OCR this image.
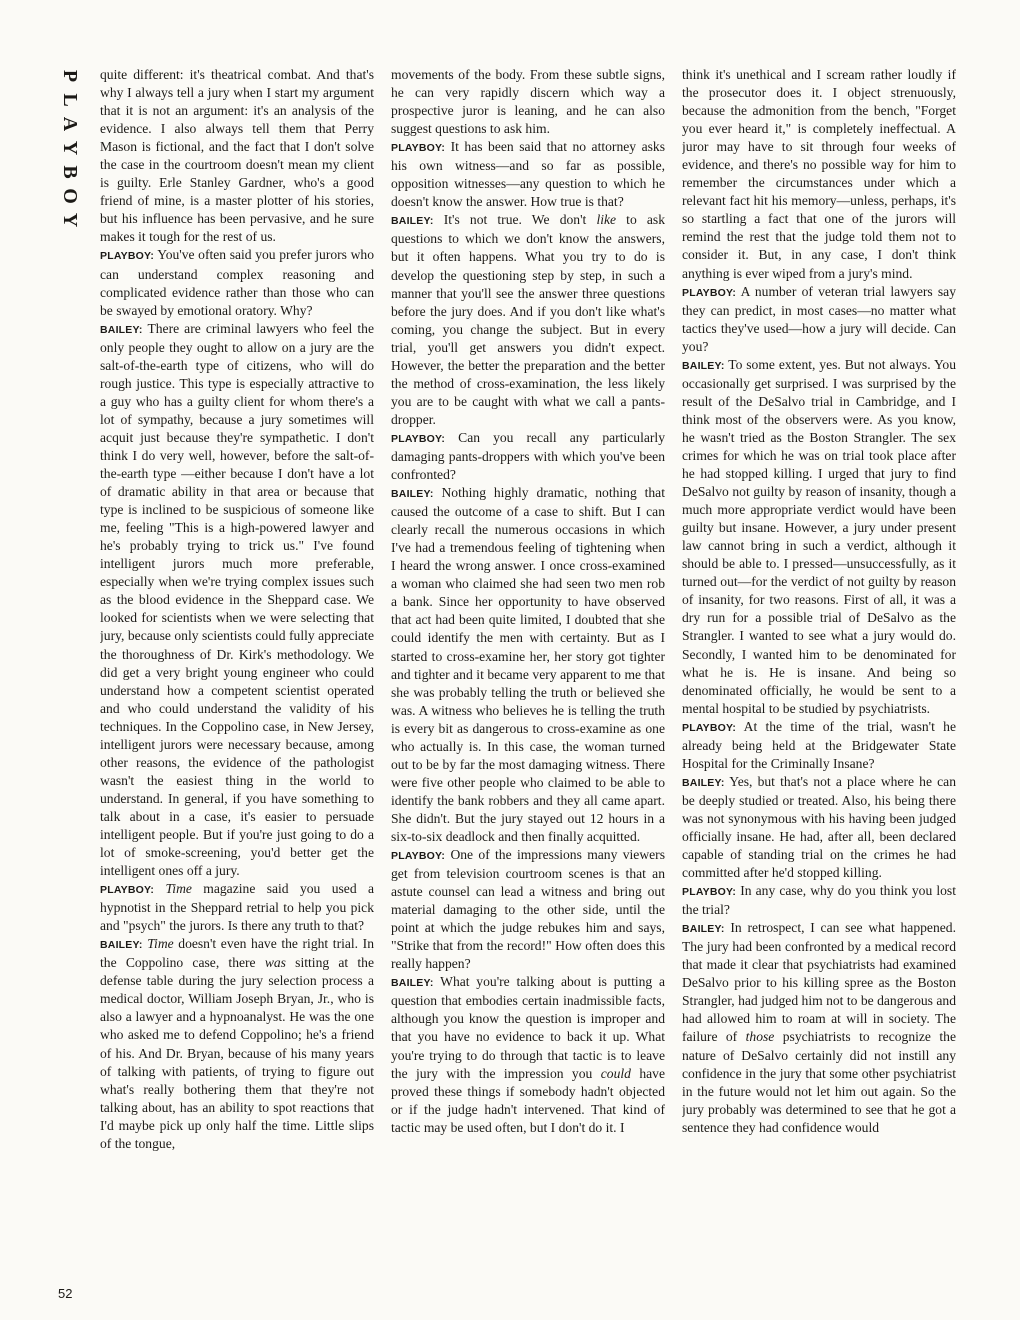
P
L
A
Y
B
O
Y

quite different: it's theatrical combat. And that's why I always tell a jury when I start my argument that it is not an argument: it's an analysis of the evidence. I also always tell them that Perry Mason is fictional, and the fact that I don't solve the case in the courtroom doesn't mean my client is guilty. Erle Stanley Gardner, who's a good friend of mine, is a master plotter of his stories, but his influence has been pervasive, and he sure makes it tough for the rest of us.

PLAYBOY: You've often said you prefer jurors who can understand complex reasoning and complicated evidence rather than those who can be swayed by emotional oratory. Why?

BAILEY: There are criminal lawyers who feel the only people they ought to allow on a jury are the salt-of-the-earth type of citizens, who will do rough justice. This type is especially attractive to a guy who has a guilty client for whom there's a lot of sympathy, because a jury sometimes will acquit just because they're sympathetic. I don't think I do very well, however, before the salt-of-the-earth type —either because I don't have a lot of dramatic ability in that area or because that type is inclined to be suspicious of someone like me, feeling "This is a high-powered lawyer and he's probably trying to trick us." I've found intelligent jurors much more preferable, especially when we're trying complex issues such as the blood evidence in the Sheppard case. We looked for scientists when we were selecting that jury, because only scientists could fully appreciate the thoroughness of Dr. Kirk's methodology. We did get a very bright young engineer who could understand how a competent scientist operated and who could understand the validity of his techniques. In the Coppolino case, in New Jersey, intelligent jurors were necessary because, among other reasons, the evidence of the pathologist wasn't the easiest thing in the world to understand. In general, if you have something to talk about in a case, it's easier to persuade intelligent people. But if you're just going to do a lot of smoke-screening, you'd better get the intelligent ones off a jury.

PLAYBOY: Time magazine said you used a hypnotist in the Sheppard retrial to help you pick and "psych" the jurors. Is there any truth to that?

BAILEY: Time doesn't even have the right trial. In the Coppolino case, there was sitting at the defense table during the jury selection process a medical doctor, William Joseph Bryan, Jr., who is also a lawyer and a hypnoanalyst. He was the one who asked me to defend Coppolino; he's a friend of his. And Dr. Bryan, because of his many years of talking with patients, of trying to figure out what's really bothering them that they're not talking about, has an ability to spot reactions that I'd maybe pick up only half the time. Little slips of the tongue,

movements of the body. From these subtle signs, he can very rapidly discern which way a prospective juror is leaning, and he can also suggest questions to ask him.

PLAYBOY: It has been said that no attorney asks his own witness—and so far as possible, opposition witnesses—any question to which he doesn't know the answer. How true is that?

BAILEY: It's not true. We don't like to ask questions to which we don't know the answers, but it often happens. What you try to do is develop the questioning step by step, in such a manner that you'll see the answer three questions before the jury does. And if you don't like what's coming, you change the subject. But in every trial, you'll get answers you didn't expect. However, the better the preparation and the better the method of cross-examination, the less likely you are to be caught with what we call a pants-dropper.

PLAYBOY: Can you recall any particularly damaging pants-droppers with which you've been confronted?

BAILEY: Nothing highly dramatic, nothing that caused the outcome of a case to shift. But I can clearly recall the numerous occasions in which I've had a tremendous feeling of tightening when I heard the wrong answer. I once cross-examined a woman who claimed she had seen two men rob a bank. Since her opportunity to have observed that act had been quite limited, I doubted that she could identify the men with certainty. But as I started to cross-examine her, her story got tighter and tighter and it became very apparent to me that she was probably telling the truth or believed she was. A witness who believes he is telling the truth is every bit as dangerous to cross-examine as one who actually is. In this case, the woman turned out to be by far the most damaging witness. There were five other people who claimed to be able to identify the bank robbers and they all came apart. She didn't. But the jury stayed out 12 hours in a six-to-six deadlock and then finally acquitted.

PLAYBOY: One of the impressions many viewers get from television courtroom scenes is that an astute counsel can lead a witness and bring out material damaging to the other side, until the point at which the judge rebukes him and says, "Strike that from the record!" How often does this really happen?

BAILEY: What you're talking about is putting a question that embodies certain inadmissible facts, although you know the question is improper and that you have no evidence to back it up. What you're trying to do through that tactic is to leave the jury with the impression you could have proved these things if somebody hadn't objected or if the judge hadn't intervened. That kind of tactic may be used often, but I don't do it. I

think it's unethical and I scream rather loudly if the prosecutor does it. I object strenuously, because the admonition from the bench, "Forget you ever heard it," is completely ineffectual. A juror may have to sit through four weeks of evidence, and there's no possible way for him to remember the circumstances under which a relevant fact hit his memory—unless, perhaps, it's so startling a fact that one of the jurors will remind the rest that the judge told them not to consider it. But, in any case, I don't think anything is ever wiped from a jury's mind.

PLAYBOY: A number of veteran trial lawyers say they can predict, in most cases—no matter what tactics they've used—how a jury will decide. Can you?

BAILEY: To some extent, yes. But not always. You occasionally get surprised. I was surprised by the result of the DeSalvo trial in Cambridge, and I think most of the observers were. As you know, he wasn't tried as the Boston Strangler. The sex crimes for which he was on trial took place after he had stopped killing. I urged that jury to find DeSalvo not guilty by reason of insanity, though a much more appropriate verdict would have been guilty but insane. However, a jury under present law cannot bring in such a verdict, although it should be able to. I pressed—unsuccessfully, as it turned out—for the verdict of not guilty by reason of insanity, for two reasons. First of all, it was a dry run for a possible trial of DeSalvo as the Strangler. I wanted to see what a jury would do. Secondly, I wanted him to be denominated for what he is. He is insane. And being so denominated officially, he would be sent to a mental hospital to be studied by psychiatrists.

PLAYBOY: At the time of the trial, wasn't he already being held at the Bridgewater State Hospital for the Criminally Insane?

BAILEY: Yes, but that's not a place where he can be deeply studied or treated. Also, his being there was not synonymous with his having been judged officially insane. He had, after all, been declared capable of standing trial on the crimes he had committed after he'd stopped killing.

PLAYBOY: In any case, why do you think you lost the trial?

BAILEY: In retrospect, I can see what happened. The jury had been confronted by a medical record that made it clear that psychiatrists had examined DeSalvo prior to his killing spree as the Boston Strangler, had judged him not to be dangerous and had allowed him to roam at will in society. The failure of those psychiatrists to recognize the nature of DeSalvo certainly did not instill any confidence in the jury that some other psychiatrist in the future would not let him out again. So the jury probably was determined to see that he got a sentence they had confidence would

52
